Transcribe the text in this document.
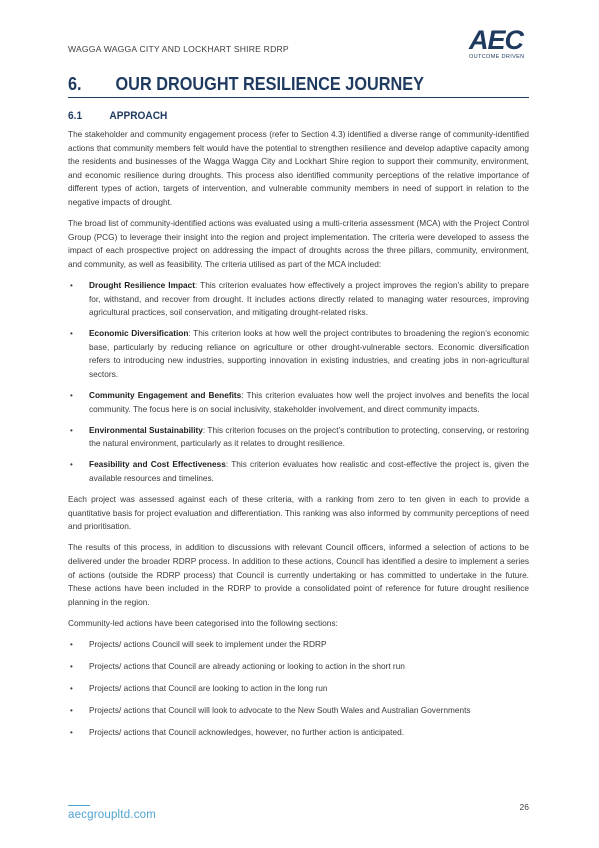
WAGGA WAGGA CITY AND LOCKHART SHIRE RDRP	AEC
OUTCOME DRIVEN
6. OUR DROUGHT RESILIENCE JOURNEY
6.1 APPROACH

The stakeholder and community engagement process (refer to Section 4.3) identified a diverse range of community-identified actions that community members felt would have the potential to strengthen resilience and develop adaptive capacity among the residents and businesses of the Wagga Wagga City and Lockhart Shire region to support their community, environment, and economic resilience during droughts. This process also identified community perceptions of the relative importance of different types of action, targets of intervention, and vulnerable community members in need of support in relation to the negative impacts of drought.

The broad list of community-identified actions was evaluated using a multi-criteria assessment (MCA) with the Project Control Group (PCG) to leverage their insight into the region and project implementation. The criteria were developed to assess the impact of each prospective project on addressing the impact of droughts across the three pillars, community, environment, and community, as well as feasibility. The criteria utilised as part of the MCA included:

• Drought Resilience Impact: This criterion evaluates how effectively a project improves the region’s ability to prepare for, withstand, and recover from drought. It includes actions directly related to managing water resources, improving agricultural practices, soil conservation, and mitigating drought-related risks.
• Economic Diversification: This criterion looks at how well the project contributes to broadening the region’s economic base, particularly by reducing reliance on agriculture or other drought-vulnerable sectors. Economic diversification refers to introducing new industries, supporting innovation in existing industries, and creating jobs in non-agricultural sectors.
• Community Engagement and Benefits: This criterion evaluates how well the project involves and benefits the local community. The focus here is on social inclusivity, stakeholder involvement, and direct community impacts.
• Environmental Sustainability: This criterion focuses on the project’s contribution to protecting, conserving, or restoring the natural environment, particularly as it relates to drought resilience.
• Feasibility and Cost Effectiveness: This criterion evaluates how realistic and cost-effective the project is, given the available resources and timelines.

Each project was assessed against each of these criteria, with a ranking from zero to ten given in each to provide a quantitative basis for project evaluation and differentiation. This ranking was also informed by community perceptions of need and prioritisation.

The results of this process, in addition to discussions with relevant Council officers, informed a selection of actions to be delivered under the broader RDRP process. In addition to these actions, Council has identified a desire to implement a series of actions (outside the RDRP process) that Council is currently undertaking or has committed to undertake in the future. These actions have been included in the RDRP to provide a consolidated point of reference for future drought resilience planning in the region.

Community-led actions have been categorised into the following sections:

• Projects/ actions Council will seek to implement under the RDRP
• Projects/ actions that Council are already actioning or looking to action in the short run
• Projects/ actions that Council are looking to action in the long run
• Projects/ actions that Council will look to advocate to the New South Wales and Australian Governments
• Projects/ actions that Council acknowledges, however, no further action is anticipated.
aecgroupltd.com
26
